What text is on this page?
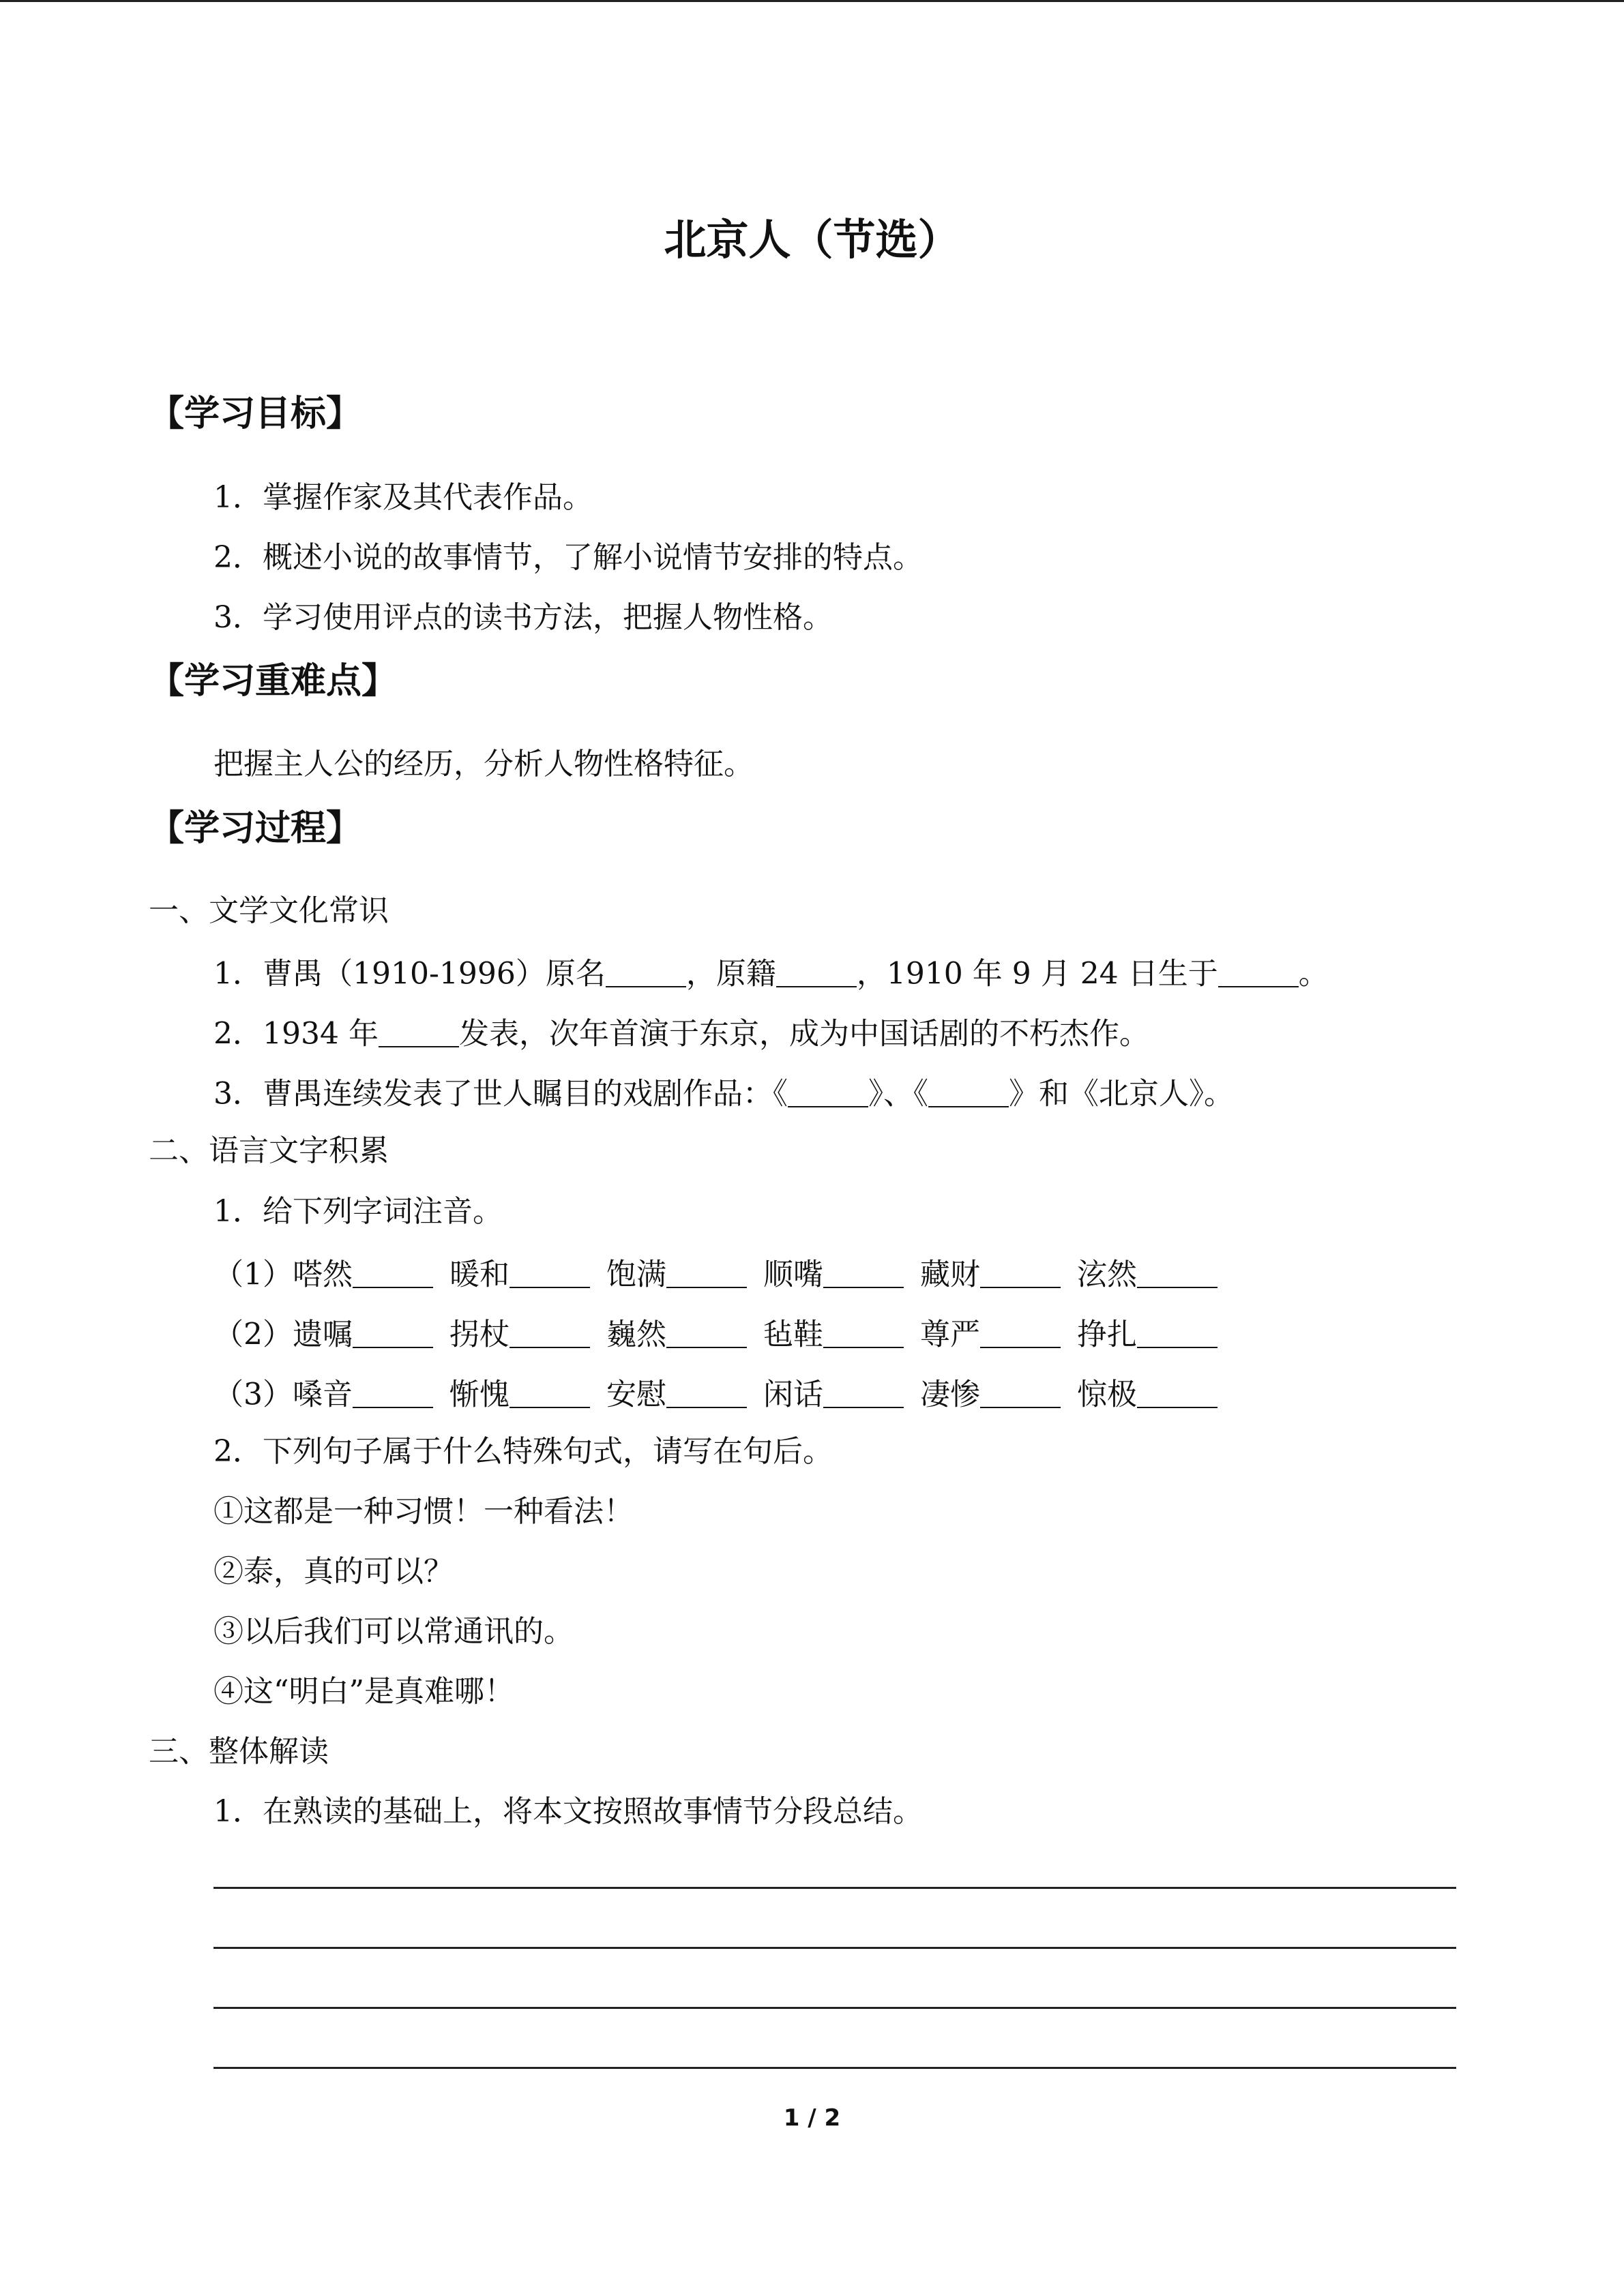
北京人（节选）
【学习目标】
1．掌握作家及其代表作品。
2．概述小说的故事情节，了解小说情节安排的特点。
3．学习使用评点的读书方法，把握人物性格。
【学习重难点】
把握主人公的经历，分析人物性格特征。
【学习过程】
一、文学文化常识
1．曹禺（1910-1996）原名	，原籍	，1910 年 9 月 24 日生于	。
2．1934 年	发表，次年首演于东京，成为中国话剧的不朽杰作。
3．曹禺连续发表了世人瞩目的戏剧作品：《	》、《	》和《北京人》。
二、语言文字积累
1．给下列字词注音。
（1）嗒然	暖和	饱满	顺嘴	藏财	泫然
（2）遗嘱	拐杖	巍然	毡鞋	尊严	挣扎
（3）嗓音	惭愧	安慰	闲话	凄惨	惊极
2．下列句子属于什么特殊句式，请写在句后。
①这都是一种习惯！一种看法！
②泰，真的可以？
③以后我们可以常通讯的。
④这“明白”是真难哪！
三、整体解读
1．在熟读的基础上，将本文按照故事情节分段总结。
1 / 2
